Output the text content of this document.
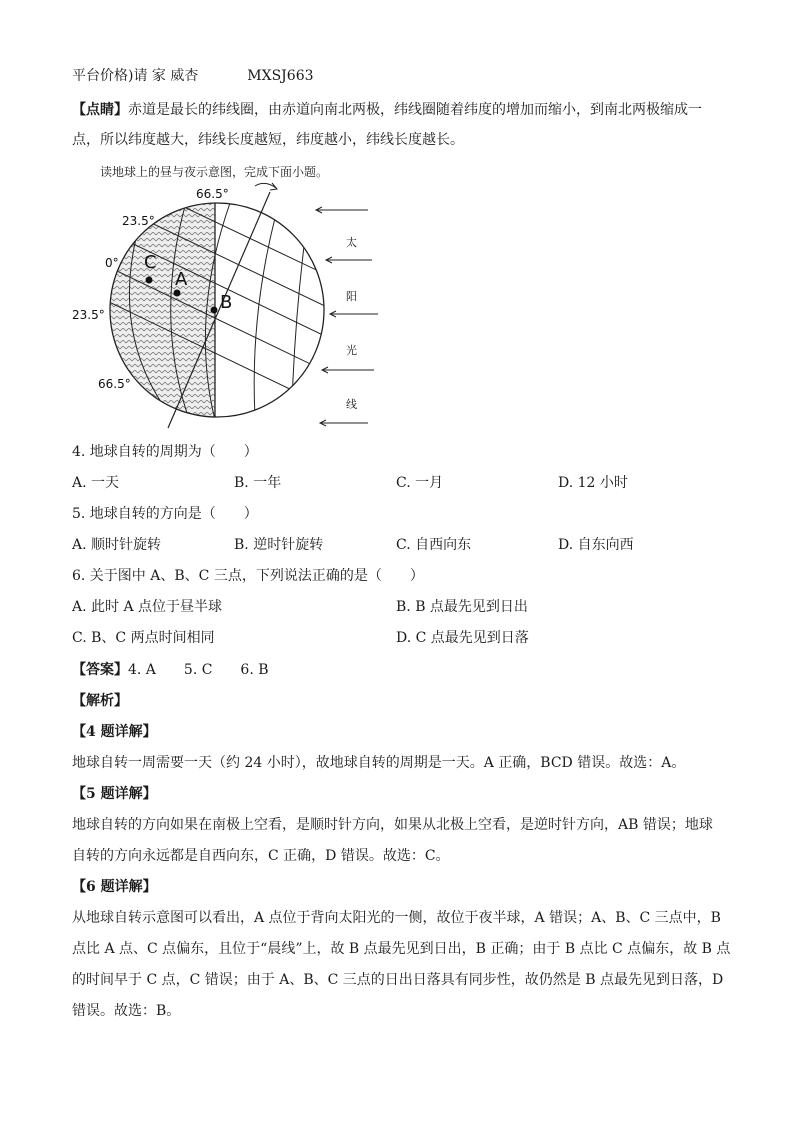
平台价格)请 家 威杏	MXSJ663
【点睛】赤道是最长的纬线圈，由赤道向南北两极，纬线圈随着纬度的增加而缩小，到南北两极缩成一
点，所以纬度越大，纬线长度越短，纬度越小，纬线长度越长。
读地球上的昼与夜示意图，完成下面小题。
C
A
B
66.5°
23.5°
0°
23.5°
66.5°
太
阳
光
线
4. 地球自转的周期为（　　）
A. 一天	B. 一年	C. 一月	D. 12 小时
5. 地球自转的方向是（　　）
A. 顺时针旋转	B. 逆时针旋转	C. 自西向东	D. 自东向西
6. 关于图中 A、B、C 三点，下列说法正确的是（　　）
A. 此时 A 点位于昼半球	B. B 点最先见到日出
C. B、C 两点时间相同	D. C 点最先见到日落
【答案】4. A　　5. C　　6. B
【解析】
【4 题详解】
地球自转一周需要一天（约 24 小时），故地球自转的周期是一天。A 正确，BCD 错误。故选：A。
【5 题详解】
地球自转的方向如果在南极上空看，是顺时针方向，如果从北极上空看，是逆时针方向，AB 错误；地球
自转的方向永远都是自西向东，C 正确，D 错误。故选：C。
【6 题详解】
从地球自转示意图可以看出，A 点位于背向太阳光的一侧，故位于夜半球，A 错误；A、B、C 三点中，B
点比 A 点、C 点偏东，且位于“晨线”上，故 B 点最先见到日出，B 正确；由于 B 点比 C 点偏东，故 B 点
的时间早于 C 点，C 错误；由于 A、B、C 三点的日出日落具有同步性，故仍然是 B 点最先见到日落，D
错误。故选：B。
